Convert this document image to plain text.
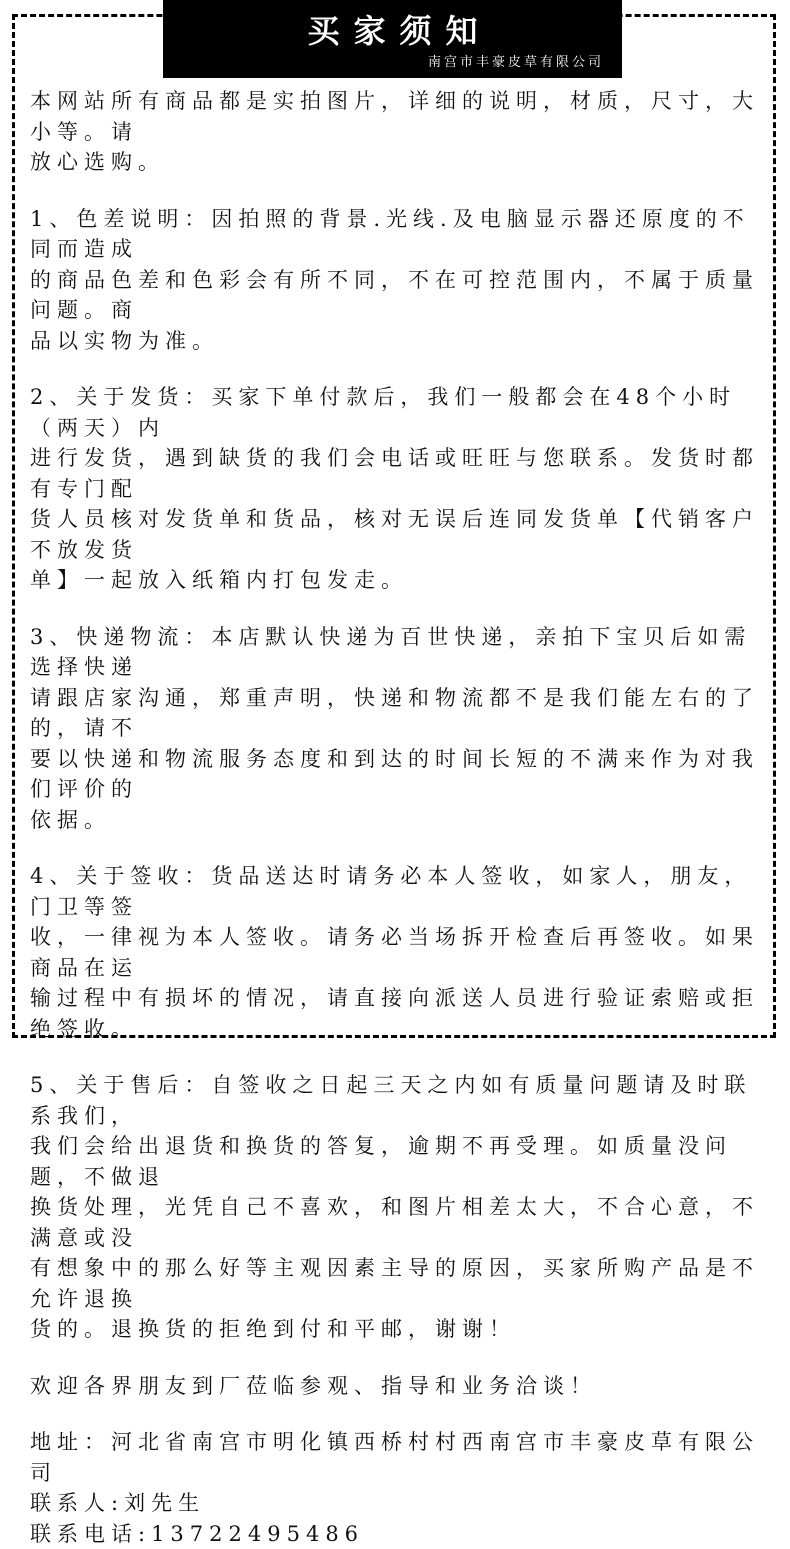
买家须知
南宫市丰豪皮草有限公司
本网站所有商品都是实拍图片，详细的说明，材质，尺寸，大小等。请
放心选购。
1、色差说明：因拍照的背景.光线.及电脑显示器还原度的不同而造成
的商品色差和色彩会有所不同，不在可控范围内，不属于质量问题。商
品以实物为准。
2、关于发货：买家下单付款后，我们一般都会在48个小时（两天）内
进行发货，遇到缺货的我们会电话或旺旺与您联系。发货时都有专门配
货人员核对发货单和货品，核对无误后连同发货单【代销客户不放发货
单】一起放入纸箱内打包发走。
3、快递物流：本店默认快递为百世快递，亲拍下宝贝后如需选择快递
请跟店家沟通，郑重声明，快递和物流都不是我们能左右的了的，请不
要以快递和物流服务态度和到达的时间长短的不满来作为对我们评价的
依据。
4、关于签收：货品送达时请务必本人签收，如家人，朋友，门卫等签
收，一律视为本人签收。请务必当场拆开检查后再签收。如果商品在运
输过程中有损坏的情况，请直接向派送人员进行验证索赔或拒绝签收。
5、关于售后：自签收之日起三天之内如有质量问题请及时联系我们，
我们会给出退货和换货的答复，逾期不再受理。如质量没问题，不做退
换货处理，光凭自己不喜欢，和图片相差太大，不合心意，不满意或没
有想象中的那么好等主观因素主导的原因，买家所购产品是不允许退换
货的。退换货的拒绝到付和平邮，谢谢！
欢迎各界朋友到厂莅临参观、指导和业务洽谈！
地址：河北省南宫市明化镇西桥村村西南宫市丰豪皮草有限公司
联系人:刘先生
联系电话:13722495486
